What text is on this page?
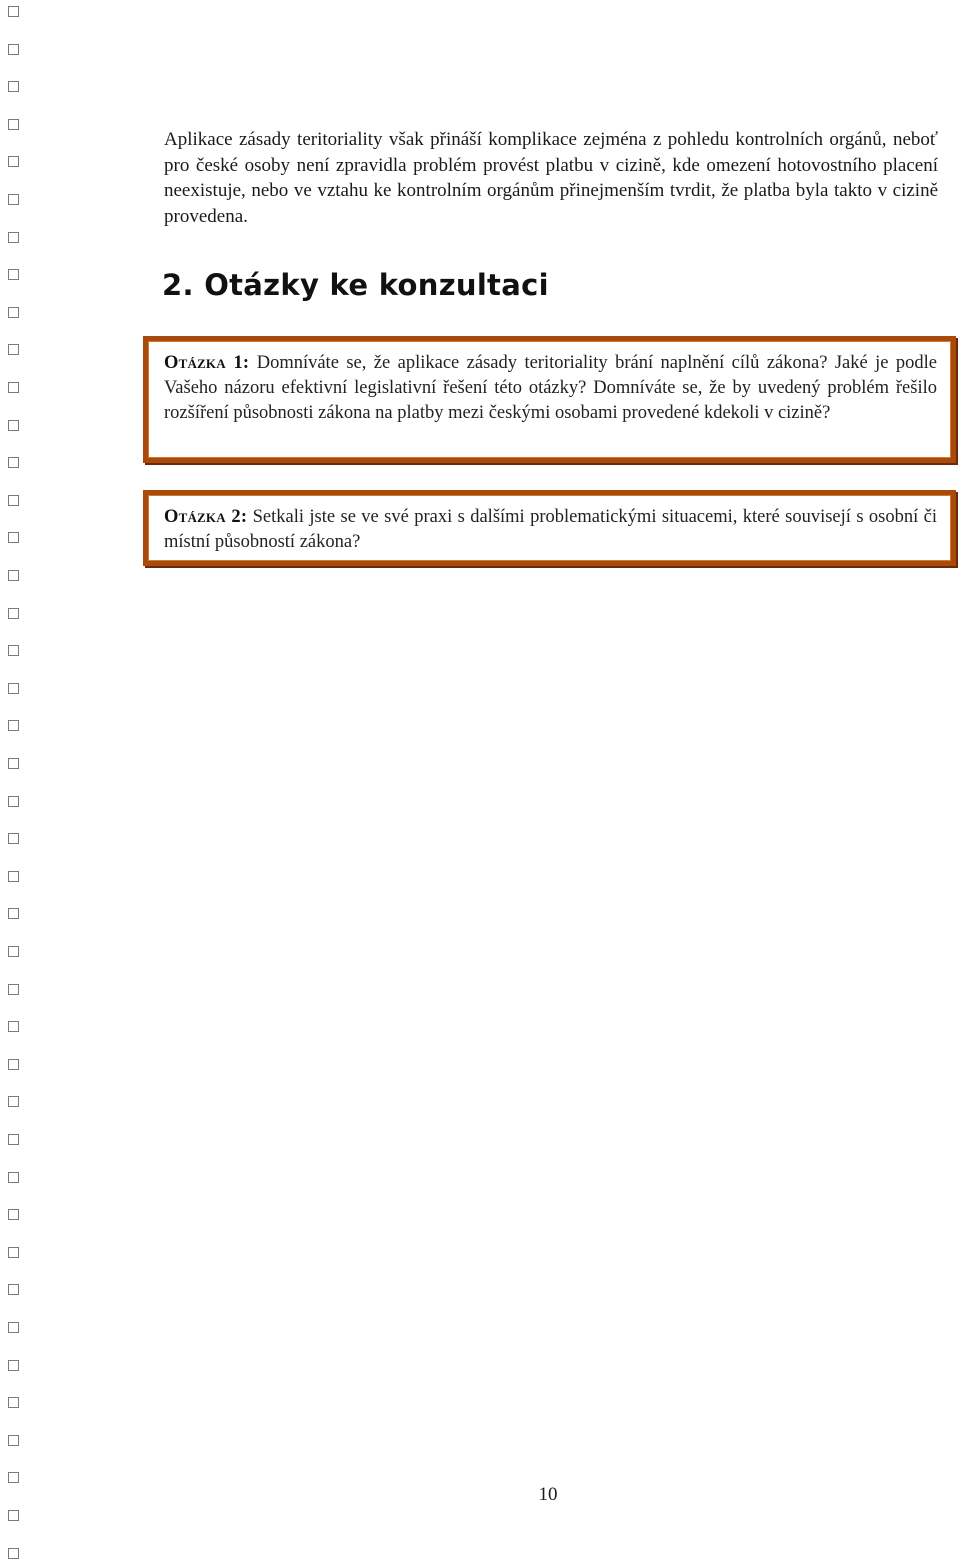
Aplikace zásady teritoriality však přináší komplikace zejména z pohledu kontrolních orgánů, neboť pro české osoby není zpravidla problém provést platbu v cizině, kde omezení hotovostního placení neexistuje, nebo ve vztahu ke kontrolním orgánům přinejmenším tvrdit, že platba byla takto v cizině provedena.

2. Otázky ke konzultaci

Otázka 1: Domníváte se, že aplikace zásady teritoriality brání naplnění cílů zákona? Jaké je podle Vašeho názoru efektivní legislativní řešení této otázky? Domníváte se, že by uvedený problém řešilo rozšíření působnosti zákona na platby mezi českými osobami provedené kdekoli v cizině?

Otázka 2: Setkali jste se ve své praxi s dalšími problematickými situacemi, které souvisejí s osobní či místní působností zákona?

10
